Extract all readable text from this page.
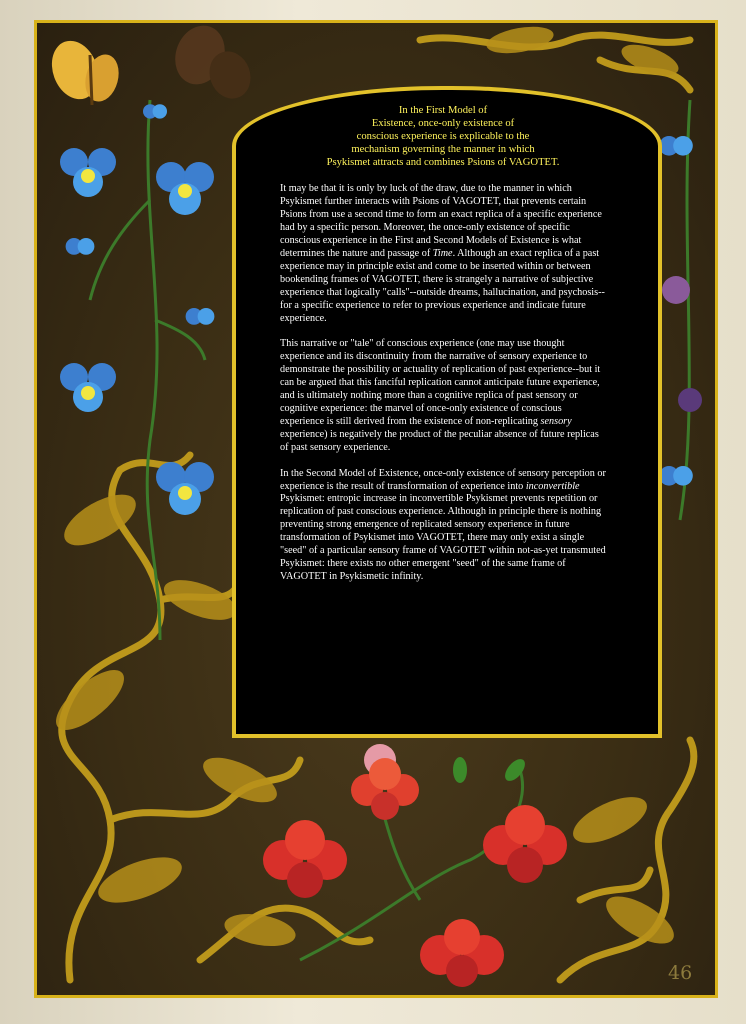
In the First Model of
Existence, once-only existence of
conscious experience is explicable to the
mechanism governing the manner in which
Psykismet attracts and combines Psions of VAGOTET.

It may be that it is only by luck of the draw, due to the manner in which Psykismet further interacts with Psions of VAGOTET, that prevents certain Psions from use a second time to form an exact replica of a specific experience had by a specific person. Moreover, the once-only existence of specific conscious experience in the First and Second Models of Existence is what determines the nature and passage of Time. Although an exact replica of a past experience may in principle exist and come to be inserted within or between bookending frames of VAGOTET, there is strangely a narrative of subjective experience that logically "calls"--outside dreams, hallucination, and psychosis--for a specific experience to refer to previous experience and indicate future experience.

This narrative or "tale" of conscious experience (one may use thought experience and its discontinuity from the narrative of sensory experience to demonstrate the possibility or actuality of replication of past experience--but it can be argued that this fanciful replication cannot anticipate future experience, and is ultimately nothing more than a cognitive replica of past sensory or cognitive experience: the marvel of once-only existence of conscious experience is still derived from the existence of non-replicating sensory experience) is negatively the product of the peculiar absence of future replicas of past sensory experience.

In the Second Model of Existence, once-only existence of sensory perception or experience is the result of transformation of experience into inconvertible Psykismet: entropic increase in inconvertible Psykismet prevents repetition or replication of past conscious experience. Although in principle there is nothing preventing strong emergence of replicated sensory experience in future transformation of Psykismet into VAGOTET, there may only exist a single "seed" of a particular sensory frame of VAGOTET within not-as-yet transmuted Psykismet: there exists no other emergent "seed" of the same frame of VAGOTET in Psykismetic infinity.

46
